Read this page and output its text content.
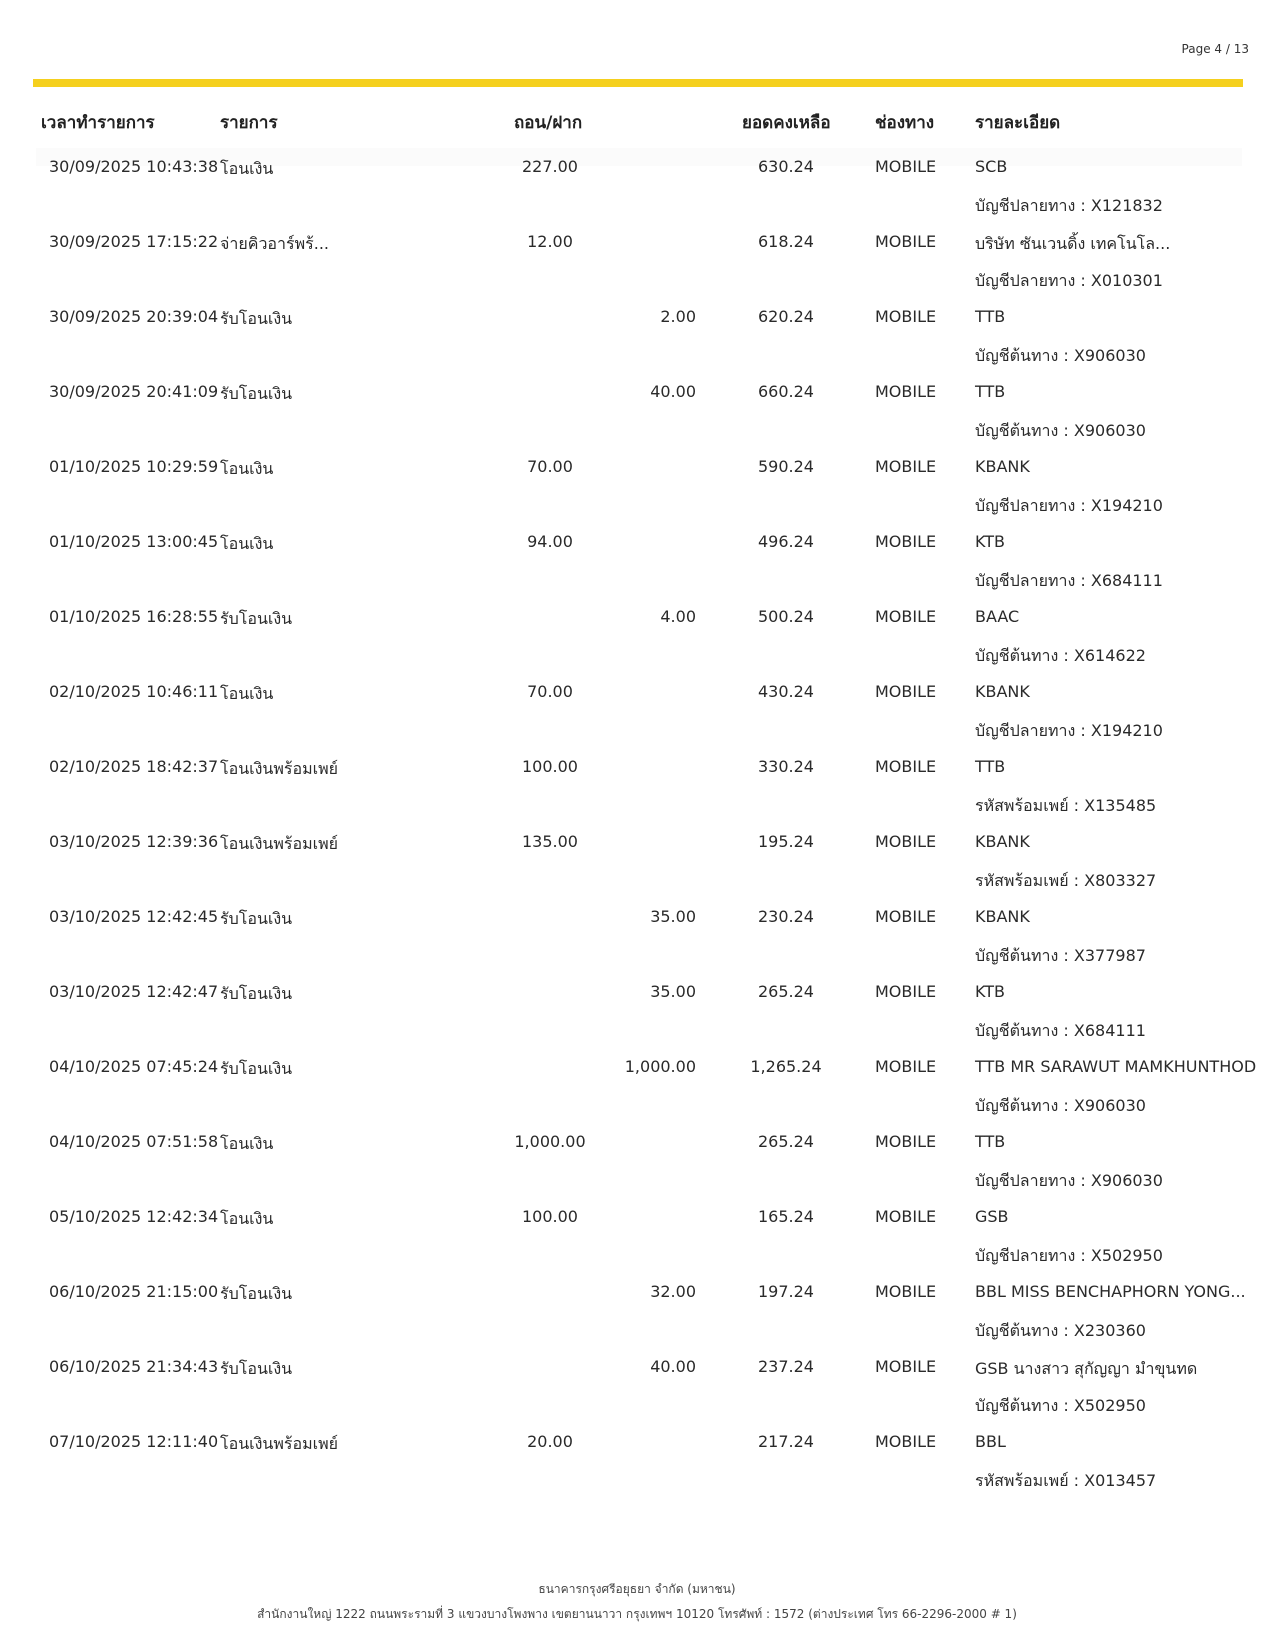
Page 4 / 13
เวลาทำรายการ	รายการ	ถอน/ฝาก	ยอดคงเหลือ	ช่องทาง รายละเอียด
30/09/2025 10:43:38 โอนเงิน	227.00	630.24	MOBILE SCB
บัญชีปลายทาง : X121832
30/09/2025 17:15:22 จ่ายคิวอาร์พร้...	12.00	618.24	MOBILE บริษัท ซันเวนดิ้ง เทคโนโล...
บัญชีปลายทาง : X010301
30/09/2025 20:39:04 รับโอนเงิน	2.00	620.24	MOBILE TTB
บัญชีต้นทาง : X906030
30/09/2025 20:41:09 รับโอนเงิน	40.00	660.24	MOBILE TTB
บัญชีต้นทาง : X906030
01/10/2025 10:29:59 โอนเงิน	70.00	590.24	MOBILE KBANK
บัญชีปลายทาง : X194210
01/10/2025 13:00:45 โอนเงิน	94.00	496.24	MOBILE KTB
บัญชีปลายทาง : X684111
01/10/2025 16:28:55 รับโอนเงิน	4.00	500.24	MOBILE BAAC
บัญชีต้นทาง : X614622
02/10/2025 10:46:11 โอนเงิน	70.00	430.24	MOBILE KBANK
บัญชีปลายทาง : X194210
02/10/2025 18:42:37 โอนเงินพร้อมเพย์	100.00	330.24	MOBILE TTB
รหัสพร้อมเพย์ : X135485
03/10/2025 12:39:36 โอนเงินพร้อมเพย์	135.00	195.24	MOBILE KBANK
รหัสพร้อมเพย์ : X803327
03/10/2025 12:42:45 รับโอนเงิน	35.00	230.24	MOBILE KBANK
บัญชีต้นทาง : X377987
03/10/2025 12:42:47 รับโอนเงิน	35.00	265.24	MOBILE KTB
บัญชีต้นทาง : X684111
04/10/2025 07:45:24 รับโอนเงิน	1,000.00	1,265.24	MOBILE TTB MR SARAWUT MAMKHUNTHOD
บัญชีต้นทาง : X906030
04/10/2025 07:51:58 โอนเงิน	1,000.00	265.24	MOBILE TTB
บัญชีปลายทาง : X906030
05/10/2025 12:42:34 โอนเงิน	100.00	165.24	MOBILE GSB
บัญชีปลายทาง : X502950
06/10/2025 21:15:00 รับโอนเงิน	32.00	197.24	MOBILE BBL MISS BENCHAPHORN YONG...
บัญชีต้นทาง : X230360
06/10/2025 21:34:43 รับโอนเงิน	40.00	237.24	MOBILE GSB นางสาว สุกัญญา มำขุนทด
บัญชีต้นทาง : X502950
07/10/2025 12:11:40 โอนเงินพร้อมเพย์	20.00	217.24	MOBILE BBL
รหัสพร้อมเพย์ : X013457
ธนาคารกรุงศรีอยุธยา จำกัด (มหาชน)
สำนักงานใหญ่ 1222 ถนนพระรามที่ 3 แขวงบางโพงพาง เขตยานนาวา กรุงเทพฯ 10120 โทรศัพท์ : 1572 (ต่างประเทศ โทร 66-2296-2000 # 1)
